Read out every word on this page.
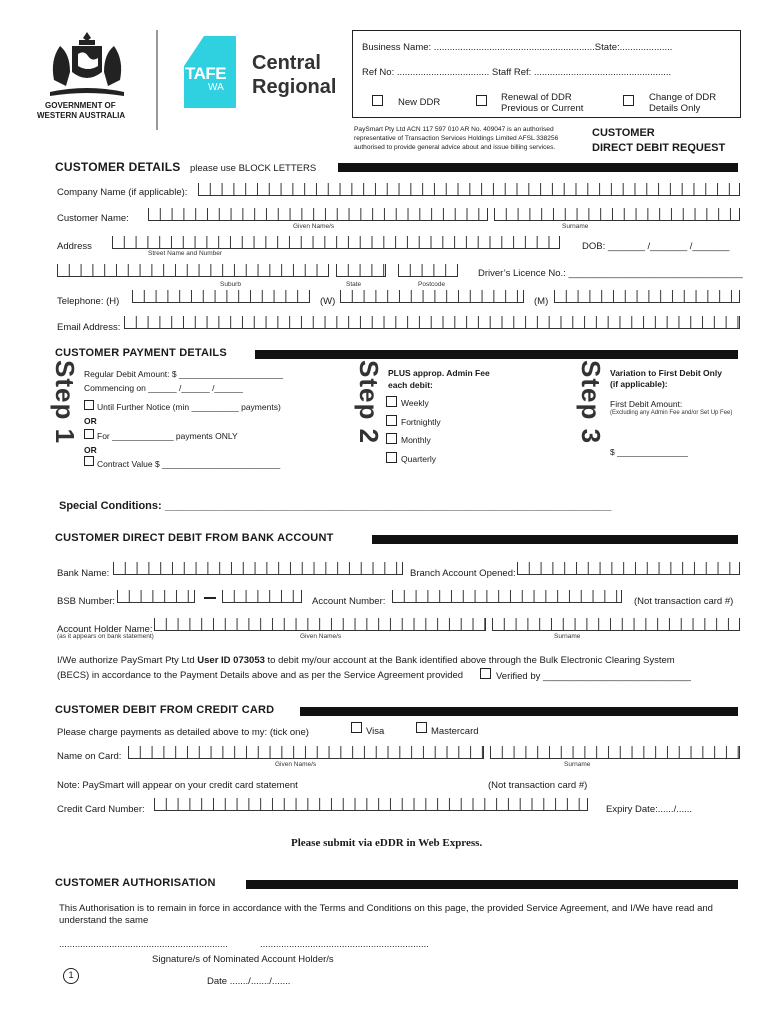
GOVERNMENT OF
WESTERN AUSTRALIA
TAFE
WA
Central
Regional
Business Name: .............................................................State:....................
Ref No: ................................... Staff Ref: ....................................................
New DDR	Renewal of DDR
Previous or Current
Change of DDR
Details Only
PaySmart Pty Ltd ACN 117 597 010 AR No. 409047 is an authorised representative of Transaction Services Holdings Limited AFSL 338256 authorised to provide general advice about and issue billing services.
CUSTOMER
DIRECT DEBIT REQUEST
CUSTOMER DETAILS please use BLOCK LETTERS
Company Name (if applicable):
Customer Name:
Given Name/s	Surname
Address
Street Name and Number
DOB: _______ /_______ /_______
Suburb	State	Postcode
Driver’s Licence No.: _________________________________
Telephone: (H)	(W)	(M)
Email Address:
CUSTOMER PAYMENT DETAILS
Step 1	Step 2	Step 3
Regular Debit Amount: $ ______________________
Commencing on ______ /______ /______
Until Further Notice (min __________ payments)
OR
For _____________ payments ONLY
OR
Contract Value $ _________________________
PLUS approp. Admin Fee
each debit:
Weekly
Fortnightly
Monthly
Quarterly
Variation to First Debit Only
(if applicable):
First Debit Amount:
(Excluding any Admin Fee and/or Set Up Fee)
$ _______________
Special Conditions: _________________________________________________________________________
CUSTOMER DIRECT DEBIT FROM BANK ACCOUNT
Bank Name:	Branch Account Opened:
BSB Number:	Account Number:	(Not transaction card #)
Account Holder Name:
(as it appears on bank statement)	Given Name/s	Surname
I/We authorize PaySmart Pty Ltd User ID 073053 to debit my/our account at the Bank identified above through the Bulk Electronic Clearing System
(BECS) in accordance to the Payment Details above and as per the Service Agreement provided	Verified by ____________________________
CUSTOMER DEBIT FROM CREDIT CARD
Please charge payments as detailed above to my: (tick one)	Visa	Mastercard
Name on Card:
Given Name/s	Surname
Note: PaySmart will appear on your credit card statement	(Not transaction card #)
Credit Card Number:	Expiry Date:....../......
Please submit via eDDR in Web Express.
CUSTOMER AUTHORISATION
This Authorisation is to remain in force in accordance with the Terms and Conditions on this page, the provided Service Agreement, and I/We have read and understand the same
................................................................	................................................................
Signature/s of Nominated Account Holder/s
1
Date ......./......./.......
